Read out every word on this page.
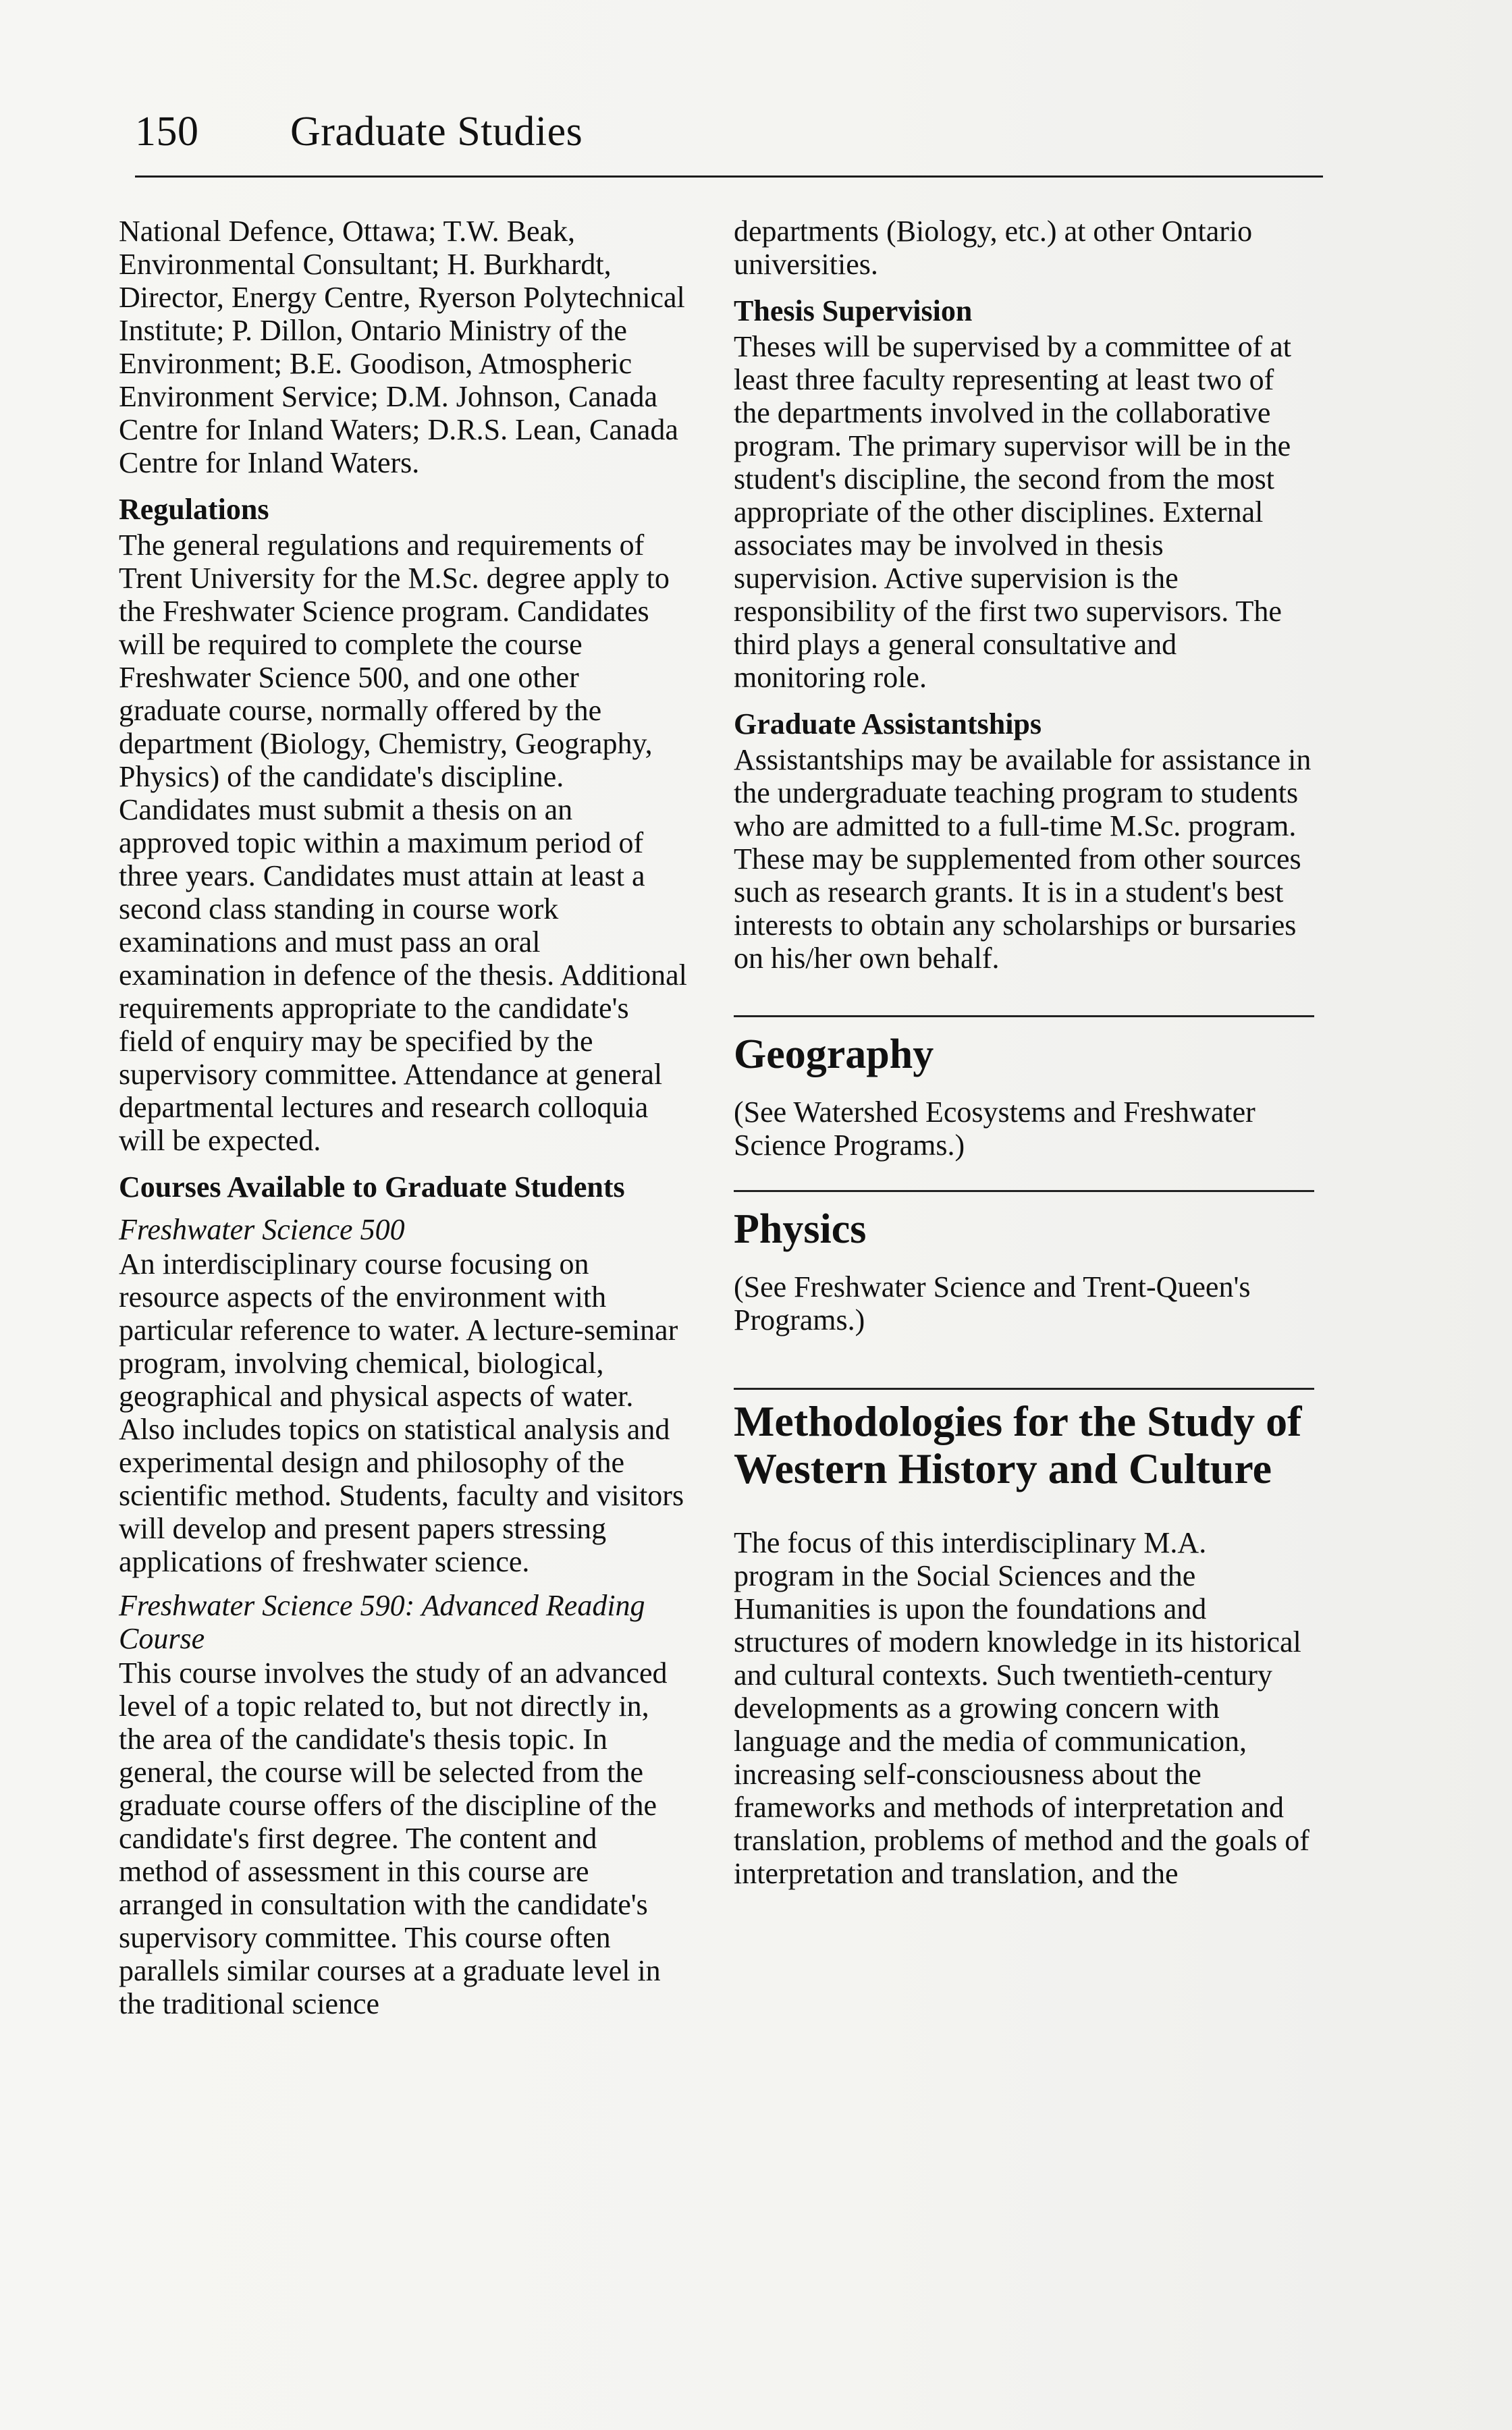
150 Graduate Studies
National Defence, Ottawa; T.W. Beak, Environmental Consultant; H. Burkhardt, Director, Energy Centre, Ryerson Polytechnical Institute; P. Dillon, Ontario Ministry of the Environment; B.E. Goodison, Atmospheric Environment Service; D.M. Johnson, Canada Centre for Inland Waters; D.R.S. Lean, Canada Centre for Inland Waters.
Regulations
The general regulations and requirements of Trent University for the M.Sc. degree apply to the Freshwater Science program. Candidates will be required to complete the course Freshwater Science 500, and one other graduate course, normally offered by the department (Biology, Chemistry, Geography, Physics) of the candidate's discipline. Candidates must submit a thesis on an approved topic within a maximum period of three years. Candidates must attain at least a second class standing in course work examinations and must pass an oral examination in defence of the thesis. Additional requirements appropriate to the candidate's field of enquiry may be specified by the supervisory committee. Attendance at general departmental lectures and research colloquia will be expected.
Courses Available to Graduate Students
Freshwater Science 500
An interdisciplinary course focusing on resource aspects of the environment with particular reference to water. A lecture-seminar program, involving chemical, biological, geographical and physical aspects of water. Also includes topics on statistical analysis and experimental design and philosophy of the scientific method. Students, faculty and visitors will develop and present papers stressing applications of freshwater science.
Freshwater Science 590: Advanced Reading Course
This course involves the study of an advanced level of a topic related to, but not directly in, the area of the candidate's thesis topic. In general, the course will be selected from the graduate course offers of the discipline of the candidate's first degree. The content and method of assessment in this course are arranged in consultation with the candidate's supervisory committee. This course often parallels similar courses at a graduate level in the traditional science
departments (Biology, etc.) at other Ontario universities.
Thesis Supervision
Theses will be supervised by a committee of at least three faculty representing at least two of the departments involved in the collaborative program. The primary supervisor will be in the student's discipline, the second from the most appropriate of the other disciplines. External associates may be involved in thesis supervision. Active supervision is the responsibility of the first two supervisors. The third plays a general consultative and monitoring role.
Graduate Assistantships
Assistantships may be available for assistance in the undergraduate teaching program to students who are admitted to a full-time M.Sc. program. These may be supplemented from other sources such as research grants. It is in a student's best interests to obtain any scholarships or bursaries on his/her own behalf.
Geography
(See Watershed Ecosystems and Freshwater Science Programs.)
Physics
(See Freshwater Science and Trent-Queen's Programs.)
Methodologies for the Study of Western History and Culture
The focus of this interdisciplinary M.A. program in the Social Sciences and the Humanities is upon the foundations and structures of modern knowledge in its historical and cultural contexts. Such twentieth-century developments as a growing concern with language and the media of communication, increasing self-consciousness about the frameworks and methods of interpretation and translation, problems of method and the goals of interpretation and translation, and the
